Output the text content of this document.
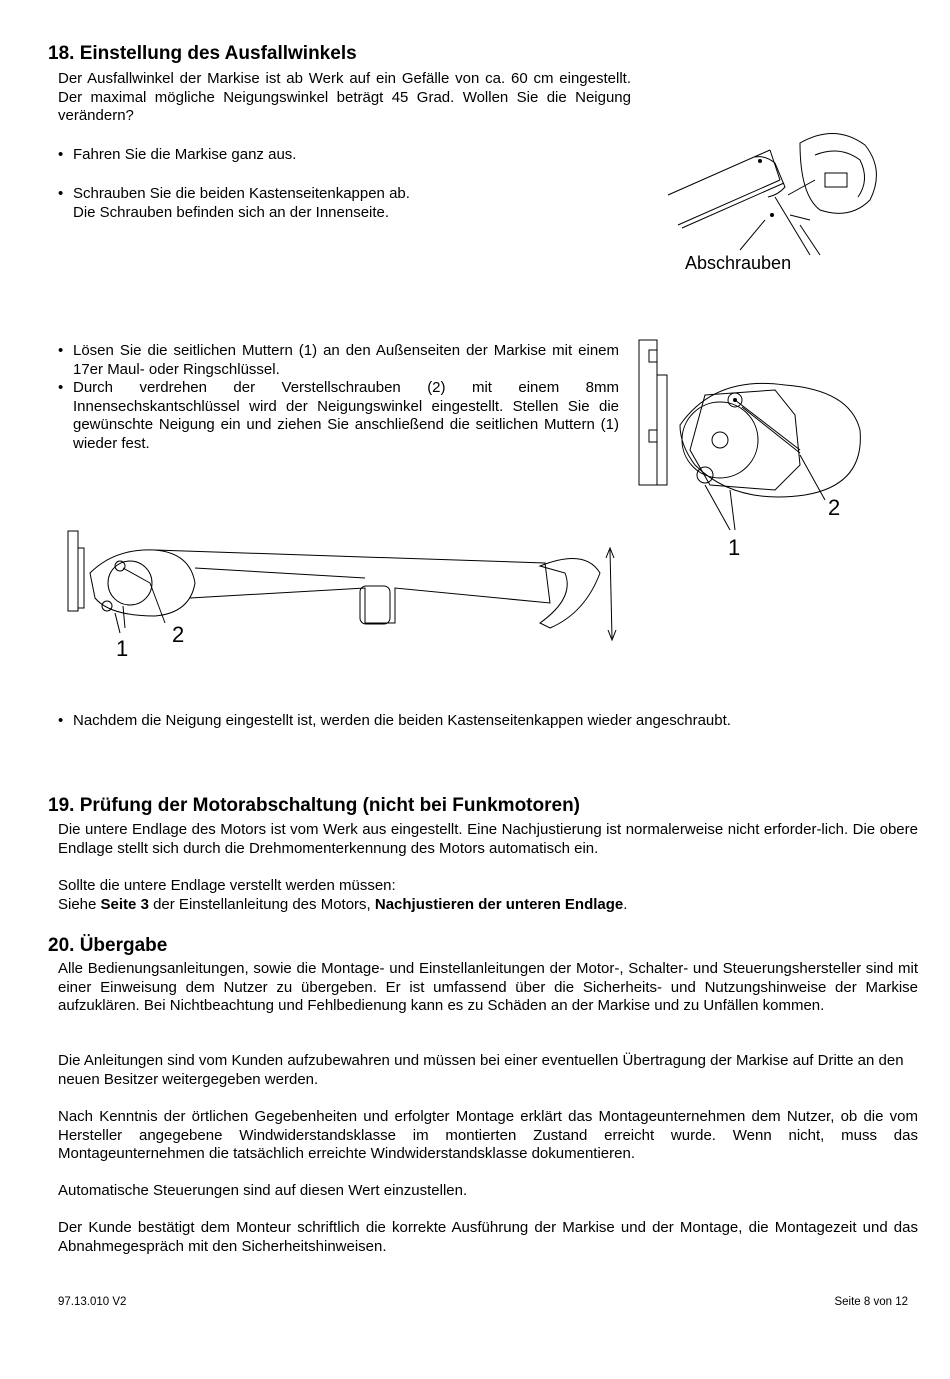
18. Einstellung des Ausfallwinkels
Der Ausfallwinkel der Markise ist ab Werk auf ein Gefälle von ca. 60 cm eingestellt. Der maximal mögliche Neigungswinkel beträgt 45 Grad. Wollen Sie die Neigung verändern?
• Fahren Sie die Markise ganz aus.
• Schrauben Sie die beiden Kastenseitenkappen ab.
Die Schrauben befinden sich an der Innenseite.
Abschrauben
• Lösen Sie die seitlichen Muttern (1) an den Außenseiten der Markise mit einem 17er Maul- oder Ringschlüssel.
• Durch verdrehen der Verstellschrauben (2) mit einem 8mm Innensechskantschlüssel wird der Neigungswinkel eingestellt. Stellen Sie die gewünschte Neigung ein und ziehen Sie anschließend die seitlichen Muttern (1) wieder fest.
1
2
1
2
• Nachdem die Neigung eingestellt ist, werden die beiden Kastenseitenkappen wieder angeschraubt.
19. Prüfung der Motorabschaltung (nicht bei Funkmotoren)
Die untere Endlage des Motors ist vom Werk aus eingestellt. Eine Nachjustierung ist normalerweise nicht erforder-lich. Die obere Endlage stellt sich durch die Drehmomenterkennung des Motors automatisch ein.
Sollte die untere Endlage verstellt werden müssen:
Siehe Seite 3 der Einstellanleitung des Motors, Nachjustieren der unteren Endlage.
20. Übergabe
Alle Bedienungsanleitungen, sowie die Montage- und Einstellanleitungen der Motor-, Schalter- und Steuerungshersteller sind mit einer Einweisung dem Nutzer zu übergeben. Er ist umfassend über die Sicherheits- und Nutzungshinweise der Markise aufzuklären. Bei Nichtbeachtung und Fehlbedienung kann es zu Schäden an der Markise und zu Unfällen kommen.
Die Anleitungen sind vom Kunden aufzubewahren und müssen bei einer eventuellen Übertragung der Markise auf Dritte an den neuen Besitzer weitergegeben werden.
Nach Kenntnis der örtlichen Gegebenheiten und erfolgter Montage erklärt das Montageunternehmen dem Nutzer, ob die vom Hersteller angegebene Windwiderstandsklasse im montierten Zustand erreicht wurde. Wenn nicht, muss das Montageunternehmen die tatsächlich erreichte Windwiderstandsklasse dokumentieren.
Automatische Steuerungen sind auf diesen Wert einzustellen.
Der Kunde bestätigt dem Monteur schriftlich die korrekte Ausführung der Markise und der Montage, die Montagezeit und das Abnahmegespräch mit den Sicherheitshinweisen.
97.13.010 V2	Seite 8 von 12
